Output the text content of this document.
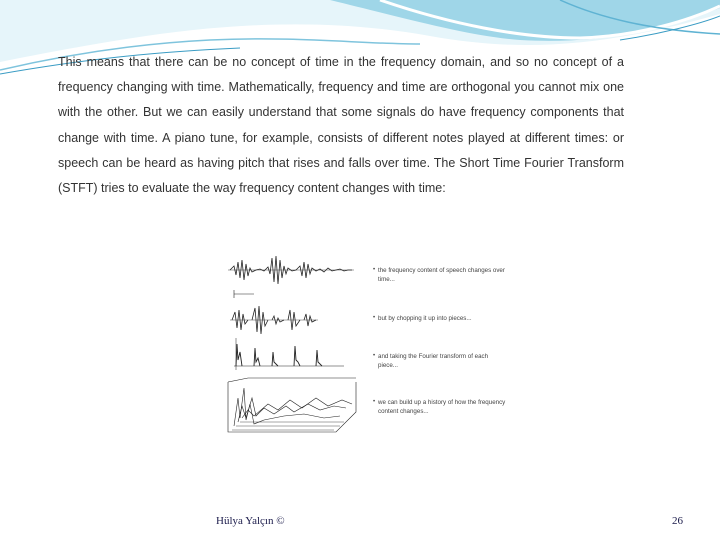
This means that there can be no concept of time in the frequency domain, and so no concept of a frequency changing with time. Mathematically, frequency and time are orthogonal you cannot mix one with the other. But we can easily understand that some signals do have frequency components that change with time. A piano tune, for example, consists of different notes played at different times: or speech can be heard as having pitch that rises and falls over time. The Short Time Fourier Transform (STFT) tries to evaluate the way frequency content changes with time:

• the frequency content of speech changes over time...
• but by chopping it up into pieces...
• and taking the Fourier transform of each piece...
• we can build up a history of how the frequency content changes...
Hülya Yalçın ©	26
